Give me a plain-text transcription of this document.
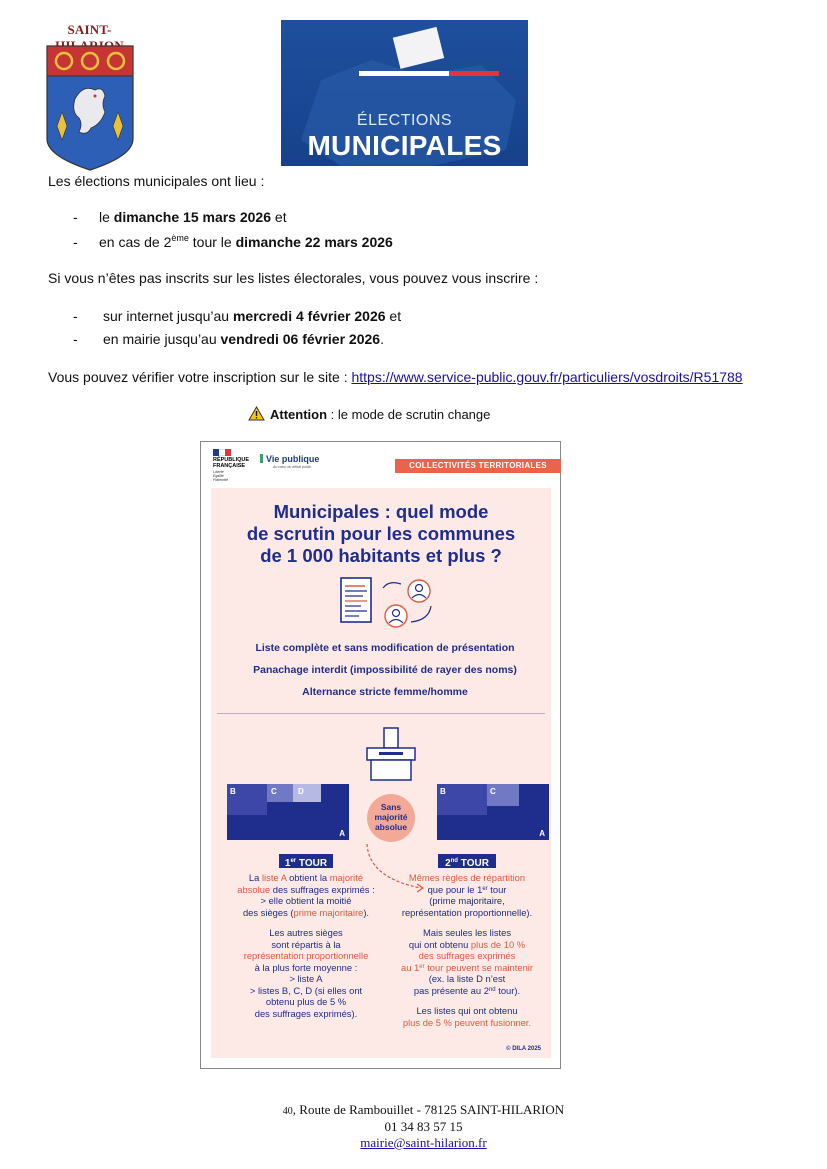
SAINT-
ÉLECTIONS
MUNICIPALES
Les élections municipales ont lieu :
- le dimanche 15 mars 2026 et
- en cas de 2ème tour le dimanche 22 mars 2026
Si vous n’êtes pas inscrits sur les listes électorales, vous pouvez vous inscrire :
- sur internet jusqu’au mercredi 4 février 2026 et
- en mairie jusqu’au vendredi 06 février 2026.
Vous pouvez vérifier votre inscription sur le site : https://www.service-public.gouv.fr/particuliers/vosdroits/R51788
Attention : le mode de scrutin change
RÉPUBLIQUE
FRANÇAISE
Liberté
Égalité
Fraternité
Vie publique
Au cœur du débat public	COLLECTIVITÉS TERRITORIALES
Municipales : quel mode
de scrutin pour les communes
de 1 000 habitants et plus ?
Liste complète et sans modification de présentation
Panachage interdit (impossibilité de rayer des noms)
Alternance stricte femme/homme
B	C	D
A
Sans
majorité
absolue
B	C
A
1er TOUR
La liste A obtient la majorité
absolue des suffrages exprimés :
> elle obtient la moitié
des sièges (prime majoritaire).
Les autres sièges
sont répartis à la
représentation proportionnelle
à la plus forte moyenne :
> liste A
> listes B, C, D (si elles ont
obtenu plus de 5 %
des suffrages exprimés).
2nd TOUR
Mêmes règles de répartition
que pour le 1er tour
(prime majoritaire,
représentation proportionnelle).
Mais seules les listes
qui ont obtenu plus de 10 %
des suffrages exprimés
au 1er tour peuvent se maintenir
(ex. la liste D n’est
pas présente au 2nd tour).
Les listes qui ont obtenu
plus de 5 % peuvent fusionner.
© DILA 2025
40, Route de Rambouillet - 78125 SAINT-HILARION
01 34 83 57 15
mairie@saint-hilarion.fr
